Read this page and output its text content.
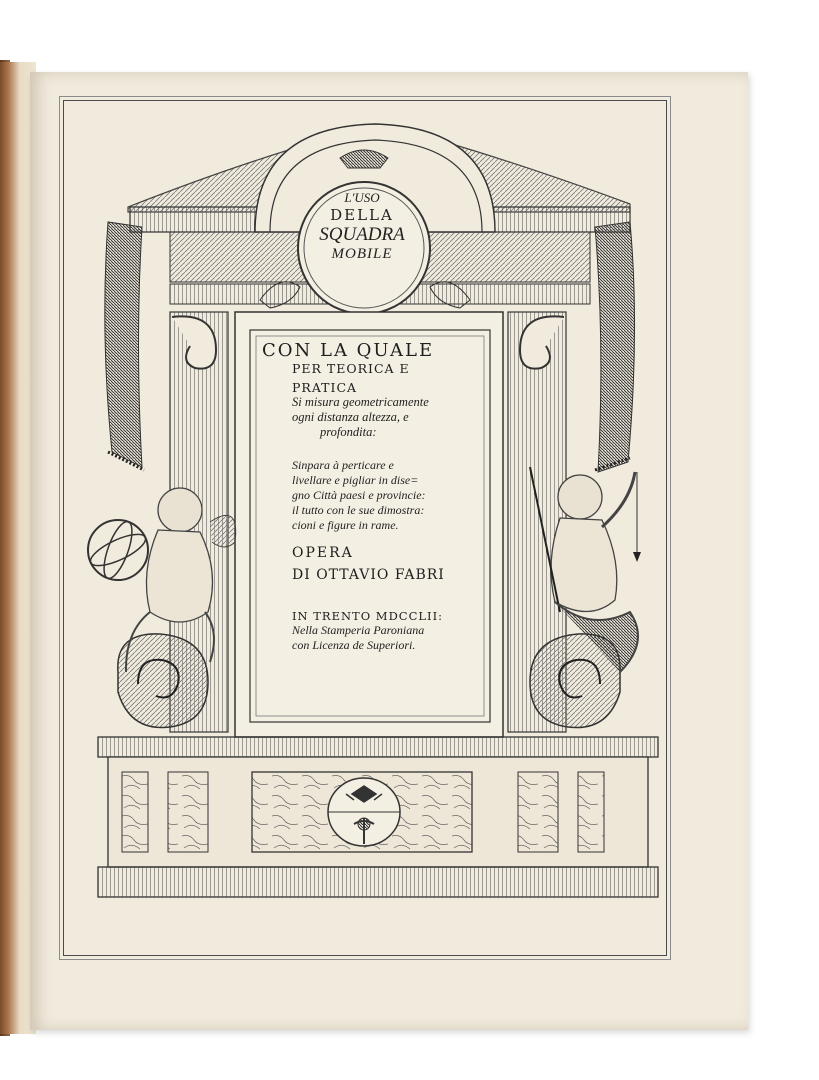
L'USO
DELLA
SQUADRA
MOBILE
CON LA QUALE
PER TEORICA E
PRATICA
Si misura geometricamente
ogni distanza altezza, e
profondita:
Sinpara à perticare e
livellare e pigliar in dise=
gno Città paesi e provincie:
il tutto con le sue dimostra:
cioni e figure in rame.
OPERA
DI OTTAVIO FABRI
IN TRENTO MDCCLII:
Nella Stamperia Paroniana
con Licenza de Superiori.
